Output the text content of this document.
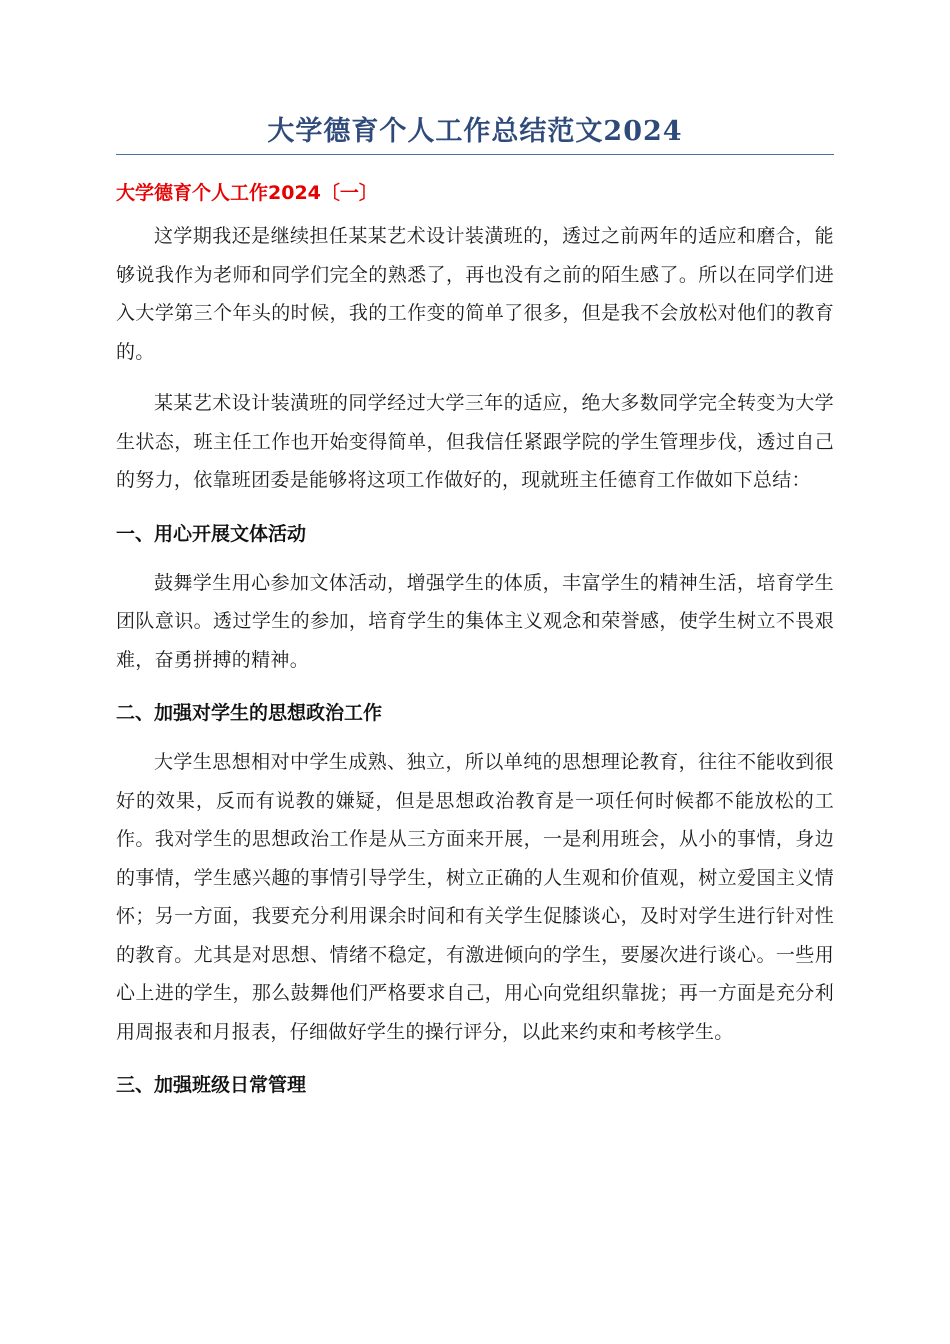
大学德育个人工作总结范文2024
大学德育个人工作2024〔一〕

这学期我还是继续担任某某艺术设计装潢班的，透过之前两年的适应和磨合，能够说我作为老师和同学们完全的熟悉了，再也没有之前的陌生感了。所以在同学们进入大学第三个年头的时候，我的工作变的简单了很多，但是我不会放松对他们的教育的。

某某艺术设计装潢班的同学经过大学三年的适应，绝大多数同学完全转变为大学生状态，班主任工作也开始变得简单，但我信任紧跟学院的学生管理步伐，透过自己的努力，依靠班团委是能够将这项工作做好的，现就班主任德育工作做如下总结：

一、用心开展文体活动

鼓舞学生用心参加文体活动，增强学生的体质，丰富学生的精神生活，培育学生团队意识。透过学生的参加，培育学生的集体主义观念和荣誉感，使学生树立不畏艰难，奋勇拼搏的精神。

二、加强对学生的思想政治工作

大学生思想相对中学生成熟、独立，所以单纯的思想理论教育，往往不能收到很好的效果，反而有说教的嫌疑，但是思想政治教育是一项任何时候都不能放松的工作。我对学生的思想政治工作是从三方面来开展，一是利用班会，从小的事情，身边的事情，学生感兴趣的事情引导学生，树立正确的人生观和价值观，树立爱国主义情怀；另一方面，我要充分利用课余时间和有关学生促膝谈心，及时对学生进行针对性的教育。尤其是对思想、情绪不稳定，有激进倾向的学生，要屡次进行谈心。一些用心上进的学生，那么鼓舞他们严格要求自己，用心向党组织靠拢；再一方面是充分利用周报表和月报表，仔细做好学生的操行评分，以此来约束和考核学生。

三、加强班级日常管理
